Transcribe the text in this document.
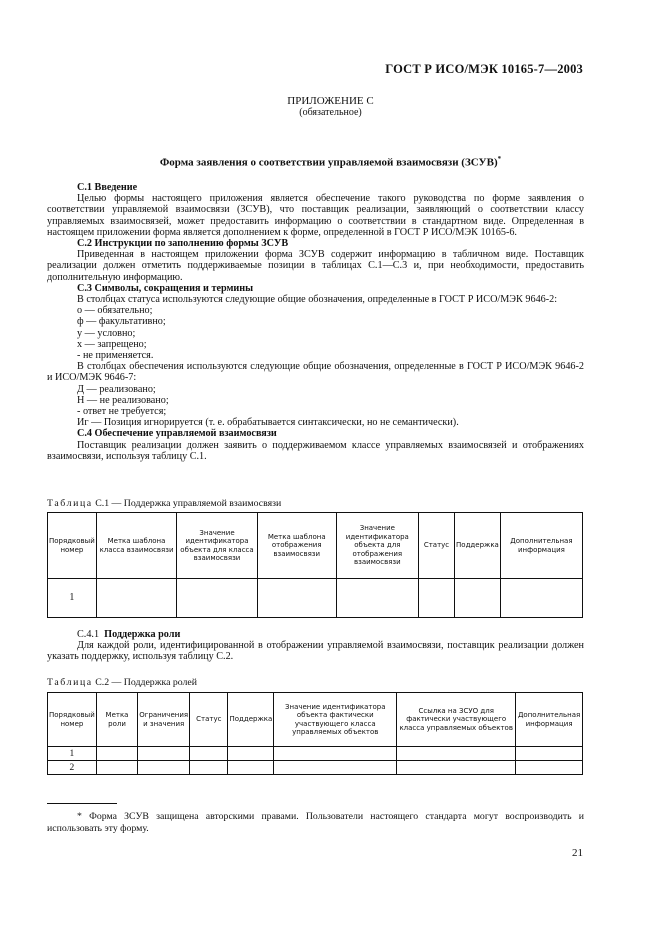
ГОСТ Р ИСО/МЭК 10165-7—2003
ПРИЛОЖЕНИЕ С
(обязательное)
Форма заявления о соответствии управляемой взаимосвязи (ЗСУВ)*
С.1 Введение
Целью формы настоящего приложения является обеспечение такого руководства по форме заявления о соответствии управляемой взаимосвязи (ЗСУВ), что поставщик реализации, заявляющий о соответствии классу управляемых взаимосвязей, может предоставить информацию о соответствии в стандартном виде. Определенная в настоящем приложении форма является дополнением к форме, определенной в ГОСТ Р ИСО/МЭК 10165-6.
С.2 Инструкции по заполнению формы ЗСУВ
Приведенная в настоящем приложении форма ЗСУВ содержит информацию в табличном виде. Поставщик реализации должен отметить поддерживаемые позиции в таблицах С.1—С.3 и, при необходимости, предоставить дополнительную информацию.
С.3 Символы, сокращения и термины
В столбцах статуса используются следующие общие обозначения, определенные в ГОСТ Р ИСО/МЭК 9646-2:
о — обязательно;
ф — факультативно;
у — условно;
х — запрещено;
- не применяется.
В столбцах обеспечения используются следующие общие обозначения, определенные в ГОСТ Р ИСО/МЭК 9646-2 и ИСО/МЭК 9646-7:
Д — реализовано;
Н — не реализовано;
- ответ не требуется;
Иг — Позиция игнорируется (т. е. обрабатывается синтаксически, но не семантически).
С.4 Обеспечение управляемой взаимосвязи
Поставщик реализации должен заявить о поддерживаемом классе управляемых взаимосвязей и отображениях взаимосвязи, используя таблицу С.1.
Таблица С.1 — Поддержка управляемой взаимосвязи
Порядковый номер	Метка шаблона класса взаимосвязи	Значение идентификатора объекта для класса взаимосвязи	Метка шаблона отображения взаимосвязи	Значение идентификатора объекта для отображения взаимосвязи	Статус	Поддержка	Дополнительная информация
1							
С.4.1 Поддержка роли
Для каждой роли, идентифицированной в отображении управляемой взаимосвязи, поставщик реализации должен указать поддержку, используя таблицу С.2.
Таблица С.2 — Поддержка ролей
Порядковый номер	Метка роли	Ограничения и значения	Статус	Поддержка	Значение идентификатора объекта фактически участвующего класса управляемых объектов	Ссылка на ЗСУО для фактически участвующего класса управляемых объектов	Дополнительная информация
1							
2							
* Форма ЗСУВ защищена авторскими правами. Пользователи настоящего стандарта могут воспроизводить и использовать эту форму.
21
